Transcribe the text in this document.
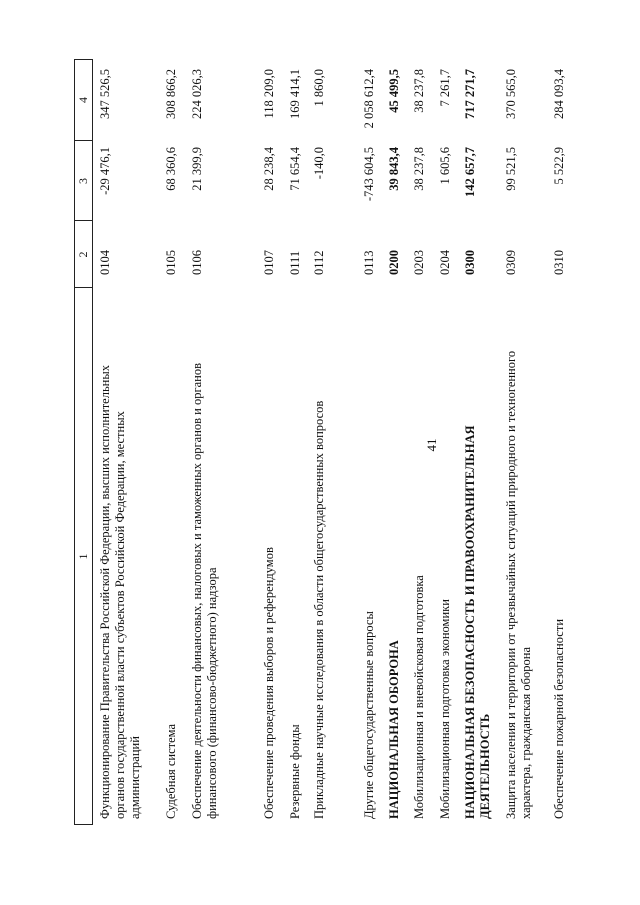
41
1
2
3
4
Функционирование Правительства Российской Федерации, высших исполнительных органов государственной власти субъектов Российской Федерации, местных администраций
0104
-29 476,1
347 526,5
Судебная система
0105
68 360,6
308 866,2
Обеспечение деятельности финансовых, налоговых и таможенных органов и органов финансового (финансово-бюджетного) надзора
0106
21 399,9
224 026,3
Обеспечение проведения выборов и референдумов
0107
28 238,4
118 209,0
Резервные фонды
0111
71 654,4
169 414,1
Прикладные научные исследования в области общегосударственных вопросов
0112
-140,0
1 860,0
Другие общегосударственные вопросы
0113
-743 604,5
2 058 612,4
НАЦИОНАЛЬНАЯ ОБОРОНА
0200
39 843,4
45 499,5
Мобилизационная и вневойсковая подготовка
0203
38 237,8
38 237,8
Мобилизационная подготовка экономики
0204
1 605,6
7 261,7
НАЦИОНАЛЬНАЯ БЕЗОПАСНОСТЬ И ПРАВООХРАНИТЕЛЬНАЯ ДЕЯТЕЛЬНОСТЬ
0300
142 657,7
717 271,7
Защита населения и территории от чрезвычайных ситуаций природного и техногенного характера, гражданская оборона
0309
99 521,5
370 565,0
Обеспечение пожарной безопасности
0310
5 522,9
284 093,4
